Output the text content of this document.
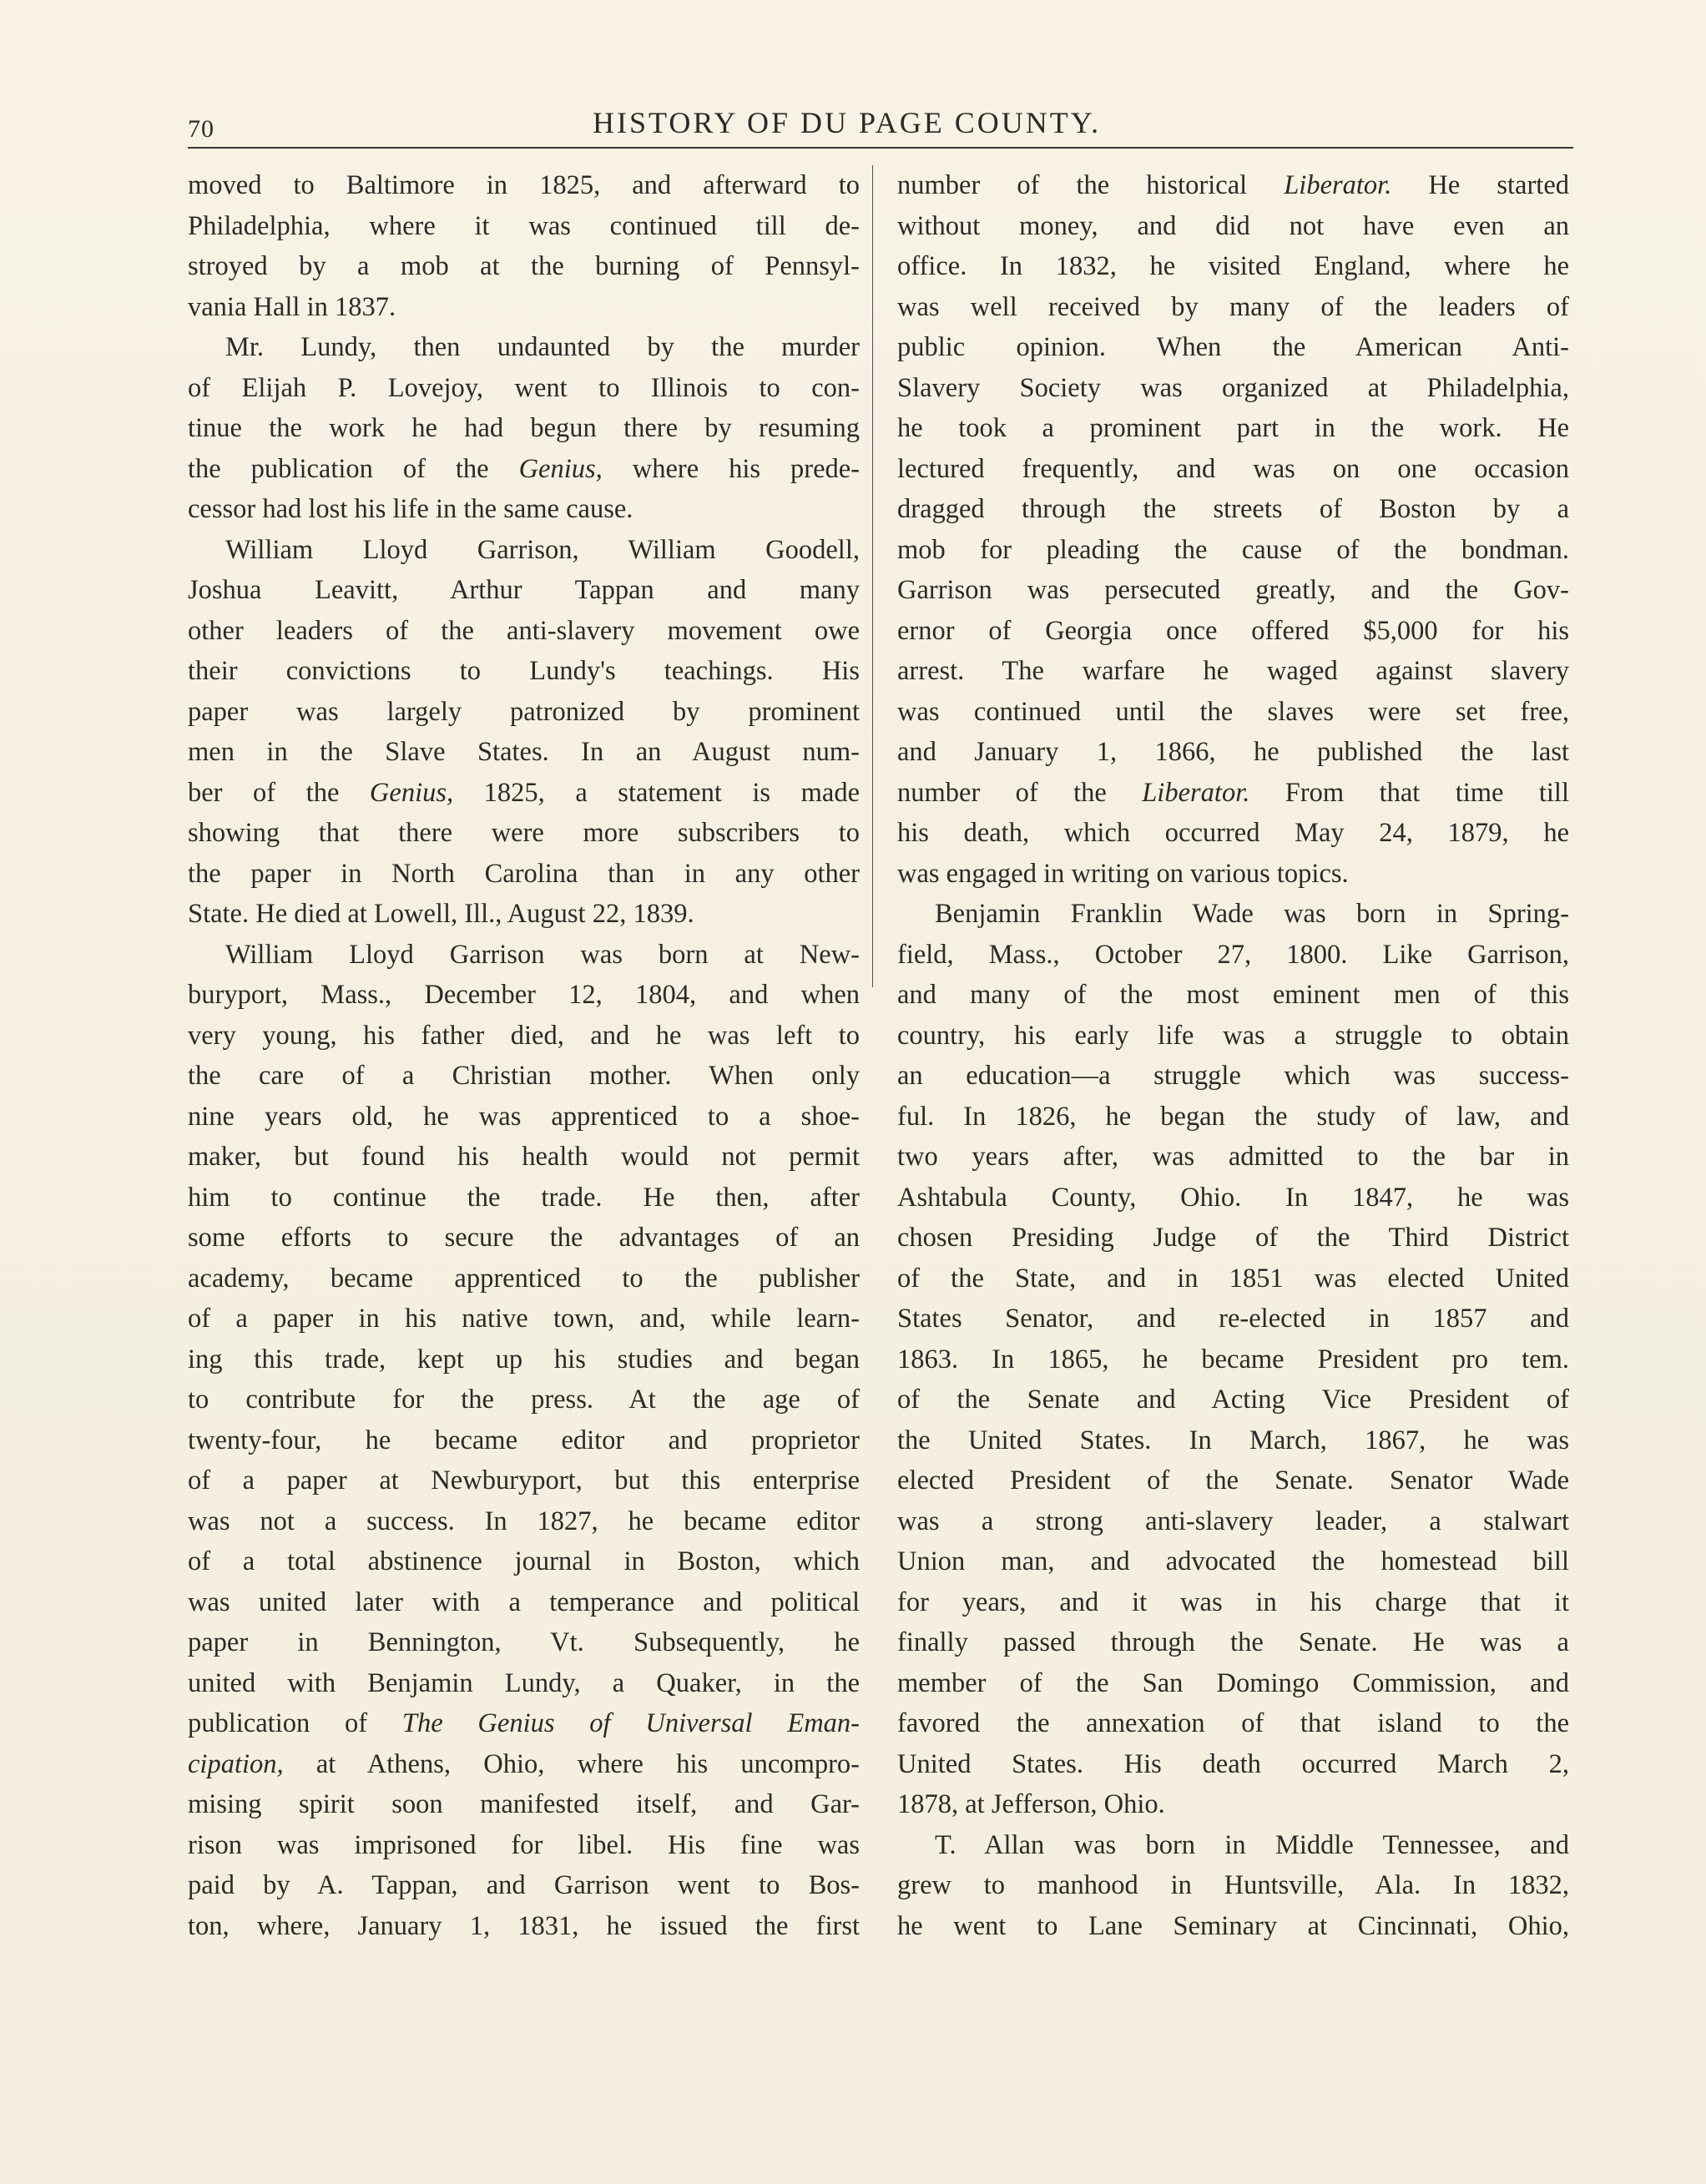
70	HISTORY OF DU PAGE COUNTY.
moved to Baltimore in 1825, and afterward to
Philadelphia, where it was continued till de-
stroyed by a mob at the burning of Pennsyl-
vania Hall in 1837.
Mr. Lundy, then undaunted by the murder
of Elijah P. Lovejoy, went to Illinois to con-
tinue the work he had begun there by resuming
the publication of the Genius, where his prede-
cessor had lost his life in the same cause.
William Lloyd Garrison, William Goodell,
Joshua Leavitt, Arthur Tappan and many
other leaders of the anti-slavery movement owe
their convictions to Lundy's teachings. His
paper was largely patronized by prominent
men in the Slave States. In an August num-
ber of the Genius, 1825, a statement is made
showing that there were more subscribers to
the paper in North Carolina than in any other
State. He died at Lowell, Ill., August 22, 1839.
William Lloyd Garrison was born at New-
buryport, Mass., December 12, 1804, and when
very young, his father died, and he was left to
the care of a Christian mother. When only
nine years old, he was apprenticed to a shoe-
maker, but found his health would not permit
him to continue the trade. He then, after
some efforts to secure the advantages of an
academy, became apprenticed to the publisher
of a paper in his native town, and, while learn-
ing this trade, kept up his studies and began
to contribute for the press. At the age of
twenty-four, he became editor and proprietor
of a paper at Newburyport, but this enterprise
was not a success. In 1827, he became editor
of a total abstinence journal in Boston, which
was united later with a temperance and political
paper in Bennington, Vt. Subsequently, he
united with Benjamin Lundy, a Quaker, in the
publication of The Genius of Universal Eman-
cipation, at Athens, Ohio, where his uncompro-
mising spirit soon manifested itself, and Gar-
rison was imprisoned for libel. His fine was
paid by A. Tappan, and Garrison went to Bos-
ton, where, January 1, 1831, he issued the first
number of the historical Liberator. He started
without money, and did not have even an
office. In 1832, he visited England, where he
was well received by many of the leaders of
public opinion. When the American Anti-
Slavery Society was organized at Philadelphia,
he took a prominent part in the work. He
lectured frequently, and was on one occasion
dragged through the streets of Boston by a
mob for pleading the cause of the bondman.
Garrison was persecuted greatly, and the Gov-
ernor of Georgia once offered $5,000 for his
arrest. The warfare he waged against slavery
was continued until the slaves were set free,
and January 1, 1866, he published the last
number of the Liberator. From that time till
his death, which occurred May 24, 1879, he
was engaged in writing on various topics.
Benjamin Franklin Wade was born in Spring-
field, Mass., October 27, 1800. Like Garrison,
and many of the most eminent men of this
country, his early life was a struggle to obtain
an education—a struggle which was success-
ful. In 1826, he began the study of law, and
two years after, was admitted to the bar in
Ashtabula County, Ohio. In 1847, he was
chosen Presiding Judge of the Third District
of the State, and in 1851 was elected United
States Senator, and re-elected in 1857 and
1863. In 1865, he became President pro tem.
of the Senate and Acting Vice President of
the United States. In March, 1867, he was
elected President of the Senate. Senator Wade
was a strong anti-slavery leader, a stalwart
Union man, and advocated the homestead bill
for years, and it was in his charge that it
finally passed through the Senate. He was a
member of the San Domingo Commission, and
favored the annexation of that island to the
United States. His death occurred March 2,
1878, at Jefferson, Ohio.
T. Allan was born in Middle Tennessee, and
grew to manhood in Huntsville, Ala. In 1832,
he went to Lane Seminary at Cincinnati, Ohio,
